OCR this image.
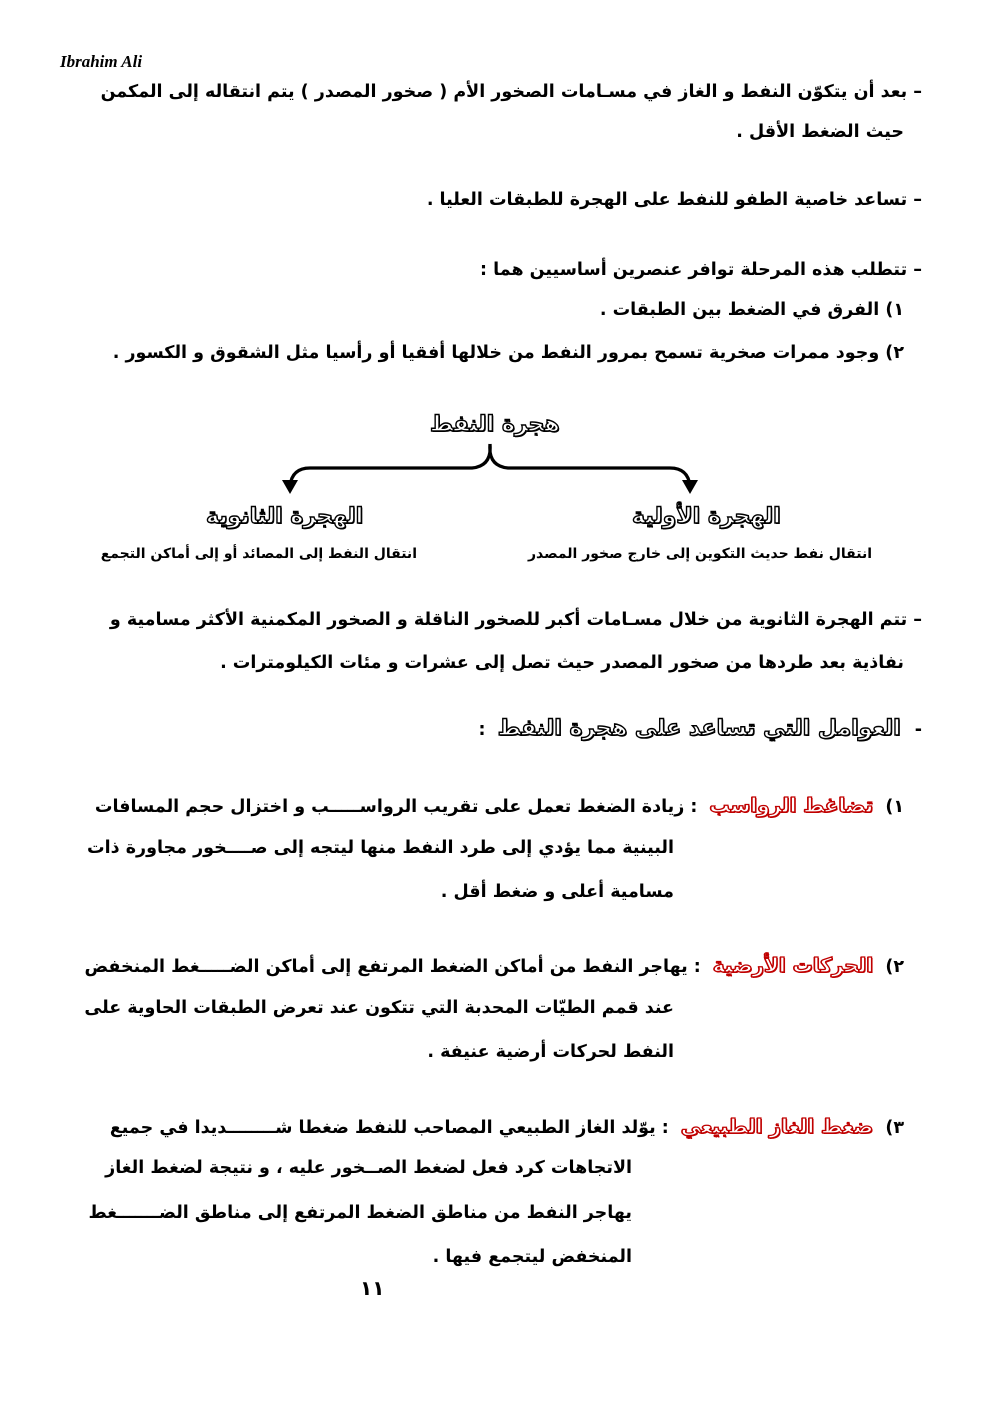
Ibrahim Ali
– بعد أن يتكوّن النفط و الغاز في مسـامات الصخور الأم ( صخور المصدر ) يتم انتقاله إلى المكمن
حيث الضغط الأقل .
– تساعد خاصية الطفو للنفط على الهجرة للطبقات العليا .
– تتطلب هذه المرحلة توافر عنصرين أساسيين هما :
١) الفرق في الضغط بين الطبقات .
٢) وجود ممرات صخرية تسمح بمرور النفط من خلالها أفقيا أو رأسيا مثل الشقوق و الكسور .
هجرة النفط
الهجرة الأولية
الهجرة الثانوية
انتقال نفط حديث التكوين إلى خارج صخور المصدر
انتقال النفط إلى المصائد أو إلى أماكن التجمع
– تتم الهجرة الثانوية من خلال مسـامات أكبر للصخور الناقلة و الصخور المكمنية الأكثر مسامية و
نفاذية بعد طردها من صخور المصدر حيث تصل إلى عشرات و مئات الكيلومترات .
- العوامل التي تساعد على هجرة النفط :
١) تضاغط الرواسب : زيادة الضغط تعمل على تقريب الرواســـــب و اختزال حجم المسافات
البينية مما يؤدي إلى طرد النفط منها ليتجه إلى صــــخور مجاورة ذات
مسامية أعلى و ضغط أقل .
٢) الحركات الأرضية : يهاجر النفط من أماكن الضغط المرتفع إلى أماكن الضـــــغط المنخفض
عند قمم الطيّات المحدبة التي تتكون عند تعرض الطبقات الحاوية على
النفط لحركات أرضية عنيفة .
٣) ضغط الغاز الطبيعي : يوّلد الغاز الطبيعي المصاحب للنفط ضغطا شــــــــديدا في جميع
الاتجاهات كرد فعل لضغط الصــخور عليه ، و نتيجة لضغط الغاز
يهاجر النفط من مناطق الضغط المرتفع إلى مناطق الضـــــــغط
المنخفض ليتجمع فيها .
١١
